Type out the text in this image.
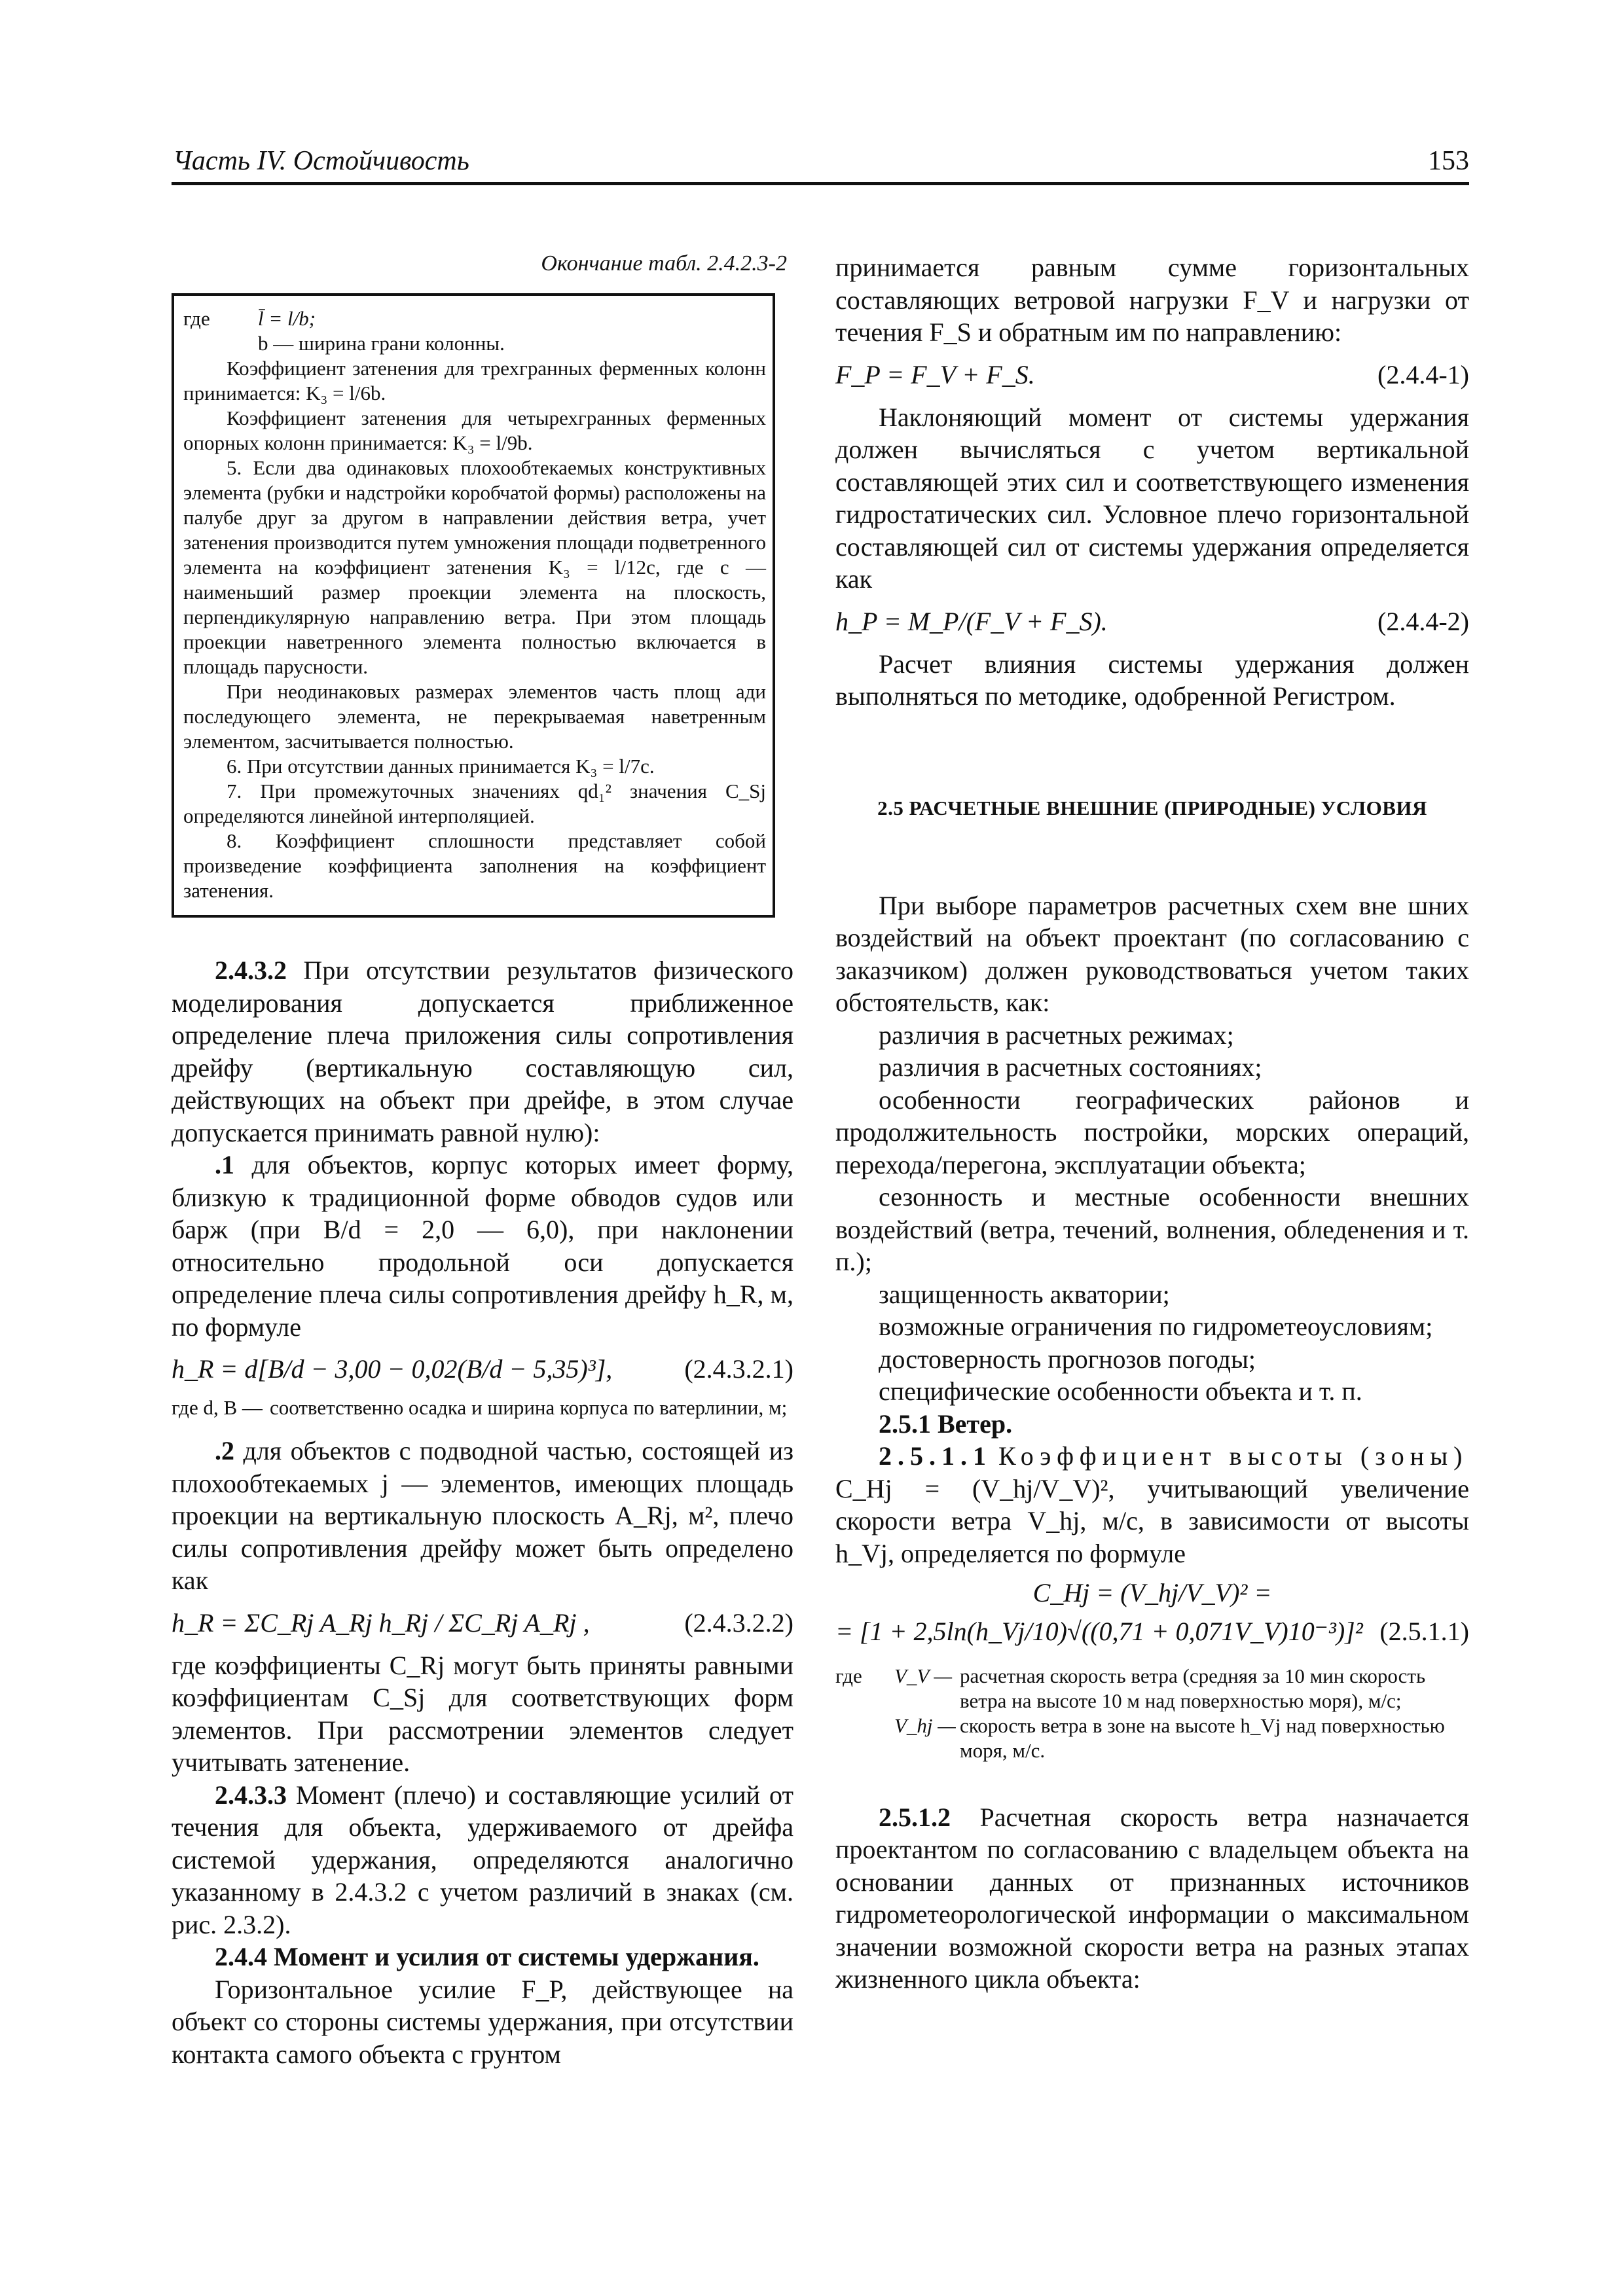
Часть IV. Остойчивость	153
Окончание табл. 2.4.2.3-2
где	l̄ = l/b;

b — ширина грани колонны.

Коэффициент затенения для трехгранных ферменных колонн принимается: K₃ = l/6b.

Коэффициент затенения для четырехгранных ферменных опорных колонн принимается: K₃ = l/9b.

5. Если два одинаковых плохообтекаемых конструктивных элемента (рубки и надстройки коробчатой формы) расположены на палубе друг за другом в направлении действия ветра, учет затенения производится путем умножения площади подветренного элемента на коэффициент затенения K₃ = l/12c, где c — наименьший размер проекции элемента на плоскость, перпендикулярную направлению ветра. При этом площадь проекции наветренного элемента полностью включается в площадь парусности.

При неодинаковых размерах элементов часть площ ади последующего элемента, не перекрываемая наветренным элементом, засчитывается полностью.

6. При отсутствии данных принимается K₃ = l/7c.

7. При промежуточных значениях qd₁² значения C_Sj определяются линейной интерполяцией.

8. Коэффициент сплошности представляет собой произведение коэффициента заполнения на коэффициент затенения.

2.4.3.2 При отсутствии результатов физического моделирования допускается приближенное определение плеча приложения силы сопротивления дрейфу (вертикальную составляющую сил, действующих на объект при дрейфе, в этом случае допускается принимать равной нулю):

.1 для объектов, корпус которых имеет форму, близкую к традиционной форме обводов судов или барж (при B/d = 2,0 — 6,0), при наклонении относительно продольной оси допускается определение плеча силы сопротивления дрейфу h_R, м, по формуле

h_R = d[B/d − 3,00 − 0,02(B/d − 5,35)³],	(2.4.3.2.1)
где d, B — соответственно осадка и ширина корпуса по ватерлинии, м;

.2 для объектов с подводной частью, состоящей из плохообтекаемых j — элементов, имеющих площадь проекции на вертикальную плоскость A_Rj, м², плечо силы сопротивления дрейфу может быть определено как

h_R = ΣC_Rj A_Rj h_Rj / ΣC_Rj A_Rj ,	(2.4.3.2.2)

где коэффициенты C_Rj могут быть приняты равными коэффициентам C_Sj для соответствующих форм элементов. При рассмотрении элементов следует учитывать затенение.

2.4.3.3 Момент (плечо) и составляющие усилий от течения для объекта, удерживаемого от дрейфа системой удержания, определяются аналогично указанному в 2.4.3.2 с учетом различий в знаках (см. рис. 2.3.2).

2.4.4 Момент и усилия от системы удержания.

Горизонтальное усилие F_P, действующее на объект со стороны системы удержания, при отсутствии контакта самого объекта с грунтом

принимается равным сумме горизонтальных составляющих ветровой нагрузки F_V и нагрузки от течения F_S и обратным им по направлению:

F_P = F_V + F_S.	(2.4.4-1)

Наклоняющий момент от системы удержания должен вычисляться с учетом вертикальной составляющей этих сил и соответствующего изменения гидростатических сил. Условное плечо горизонтальной составляющей сил от системы удержания определяется как

h_P = M_P/(F_V + F_S).	(2.4.4-2)

Расчет влияния системы удержания должен выполняться по методике, одобренной Регистром.

2.5 РАСЧЕТНЫЕ ВНЕШНИЕ (ПРИРОДНЫЕ) УСЛОВИЯ

При выборе параметров расчетных схем вне шних воздействий на объект проектант (по согласованию с заказчиком) должен руководствоваться учетом таких обстоятельств, как:

различия в расчетных режимах;

различия в расчетных состояниях;

особенности географических районов и продолжительность постройки, морских операций, перехода/перегона, эксплуатации объекта;

сезонность и местные особенности внешних воздействий (ветра, течений, волнения, обледенения и т. п.);

защищенность акватории;

возможные ограничения по гидрометеоусловиям;

достоверность прогнозов погоды;

специфические особенности объекта и т. п.

2.5.1 Ветер.

2.5.1.1 Коэффициент высоты (зоны)

C_Hj = (V_hj/V_V)², учитывающий увеличение скорости ветра V_hj, м/с, в зависимости от высоты h_Vj, определяется по формуле

C_Hj = (V_hj/V_V)² =
= [1 + 2,5ln(h_Vj/10)√((0,71 + 0,071V_V)10⁻³)]² (2.5.1.1)
где	V_V — расчетная скорость ветра (средняя за 10 мин скорость ветра на высоте 10 м над поверхностью моря), м/с;
V_hj — скорость ветра в зоне на высоте h_Vj над поверхностью моря, м/с.

2.5.1.2 Расчетная скорость ветра назначается проектантом по согласованию с владельцем объекта на основании данных от признанных источников гидрометеорологической информации о максимальном значении возможной скорости ветра на разных этапах жизненного цикла объекта:
